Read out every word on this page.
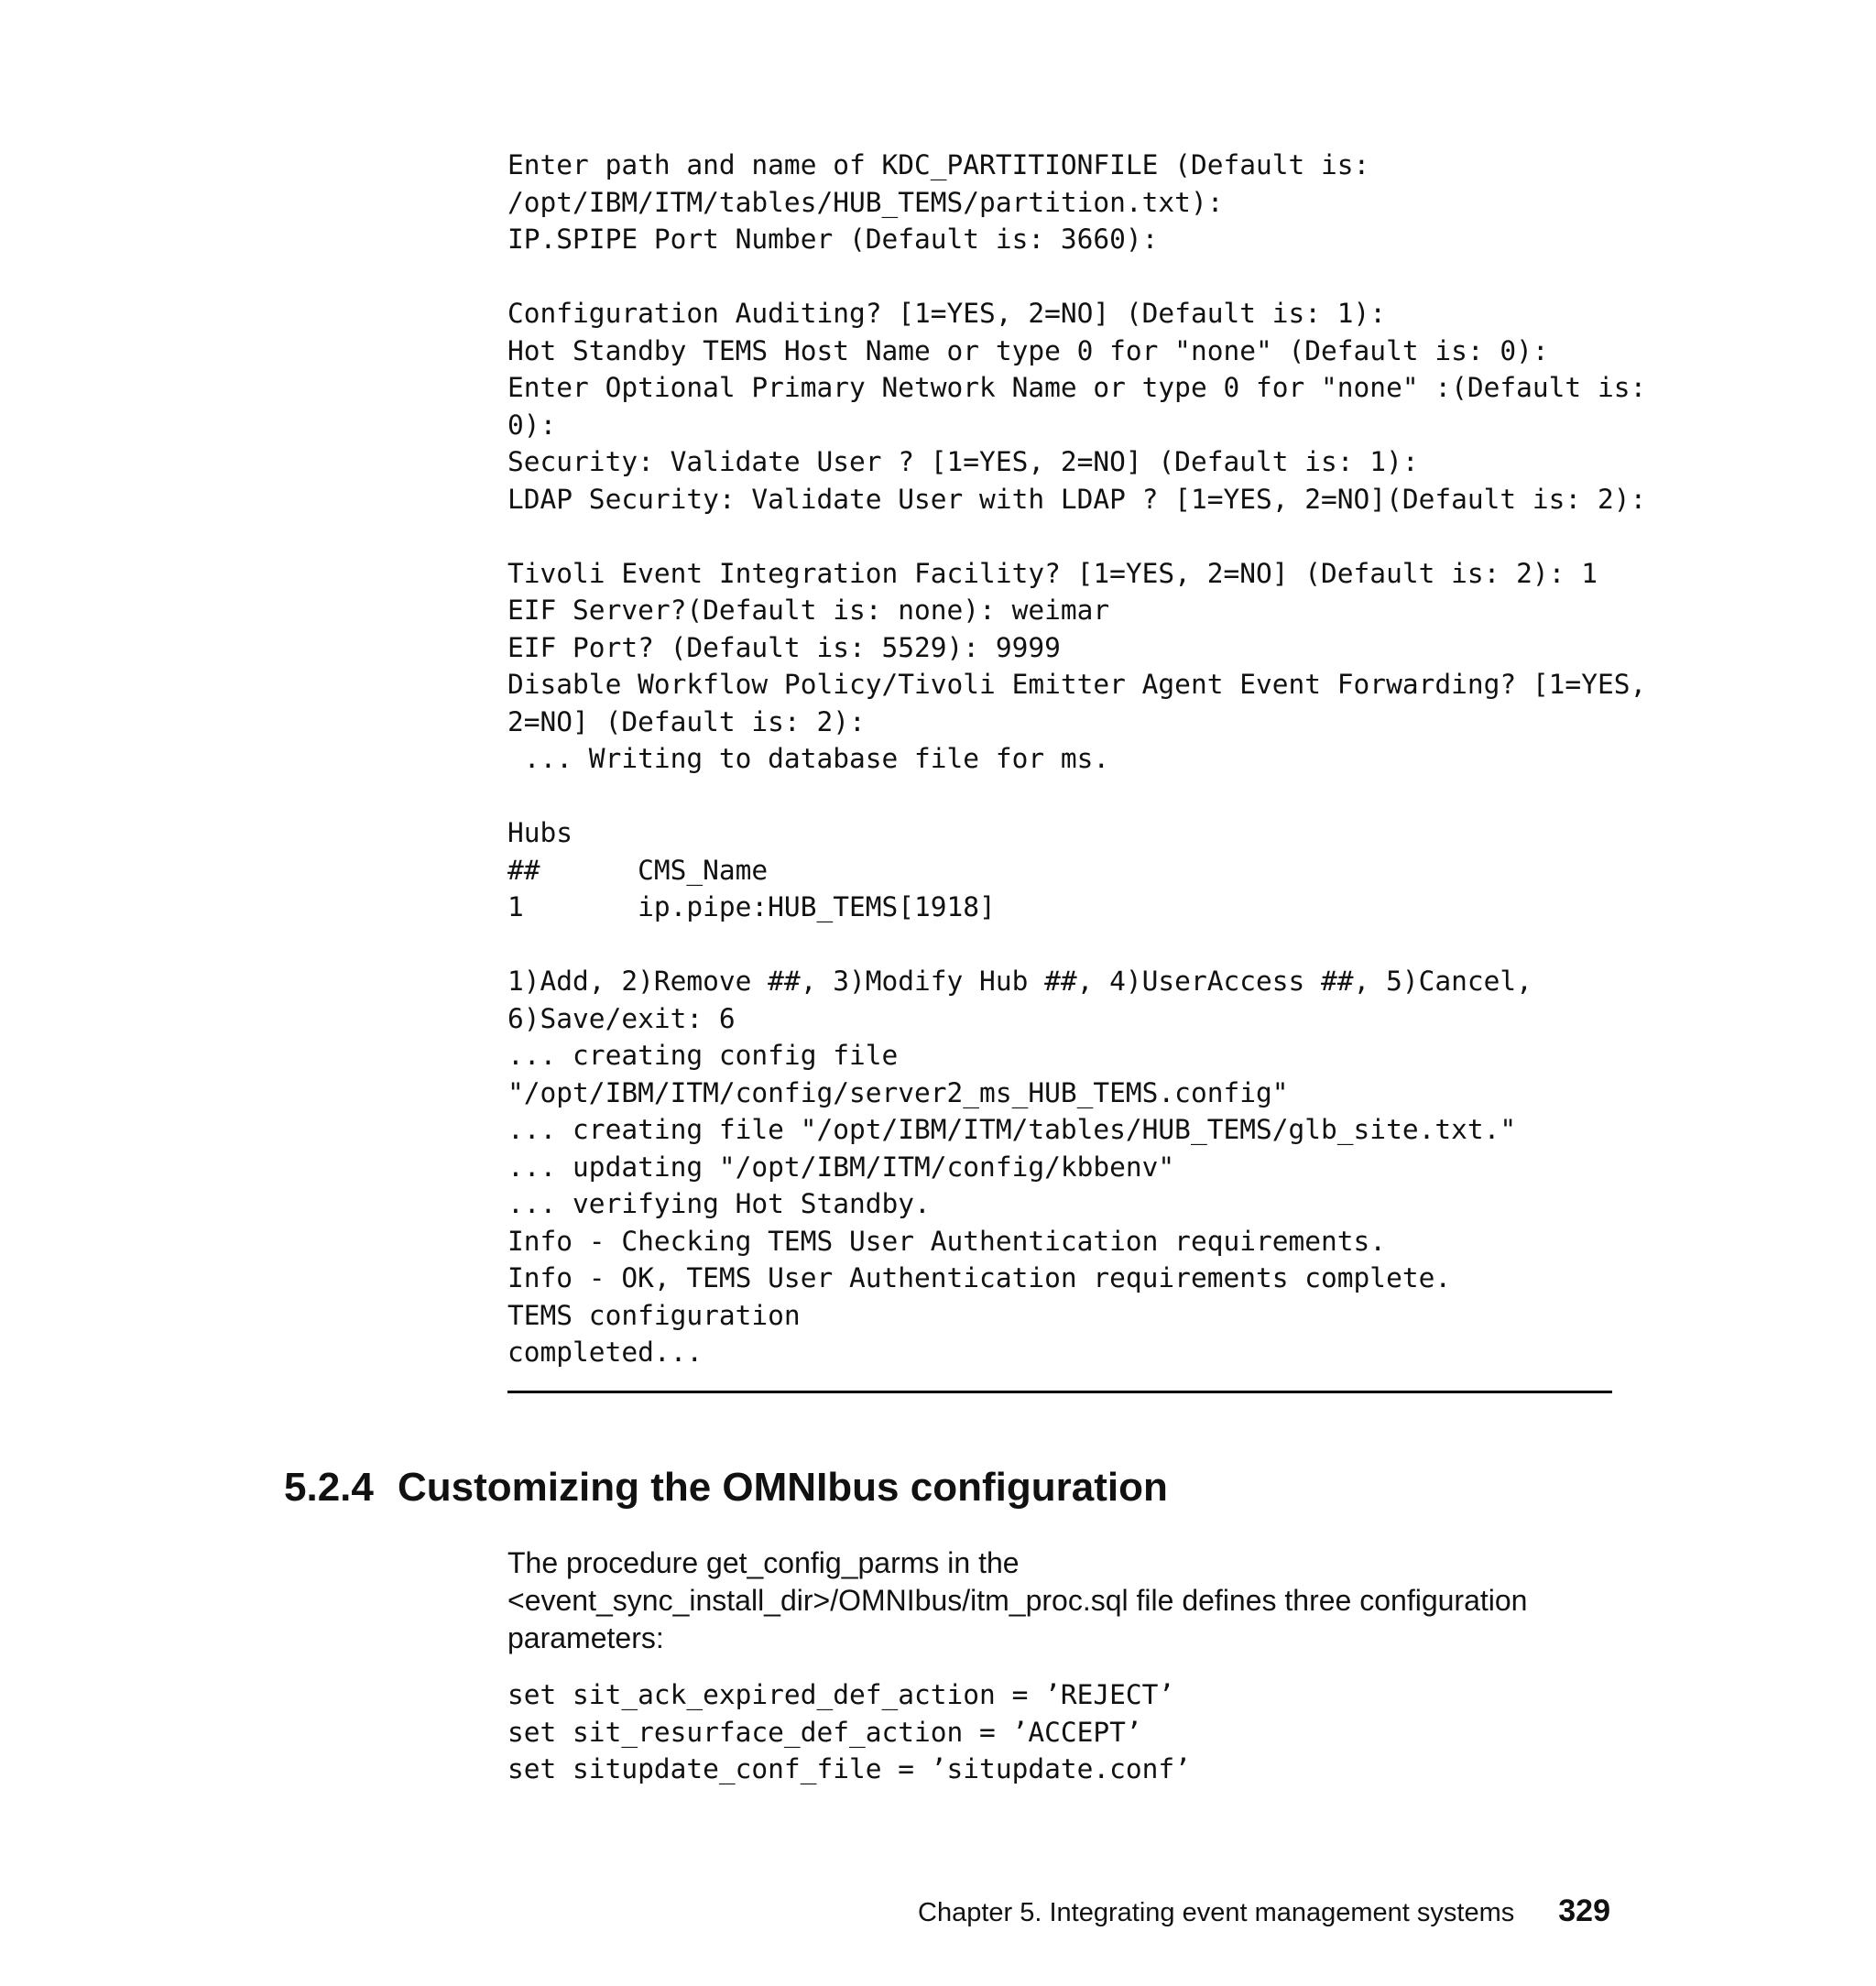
Enter path and name of KDC_PARTITIONFILE (Default is:
/opt/IBM/ITM/tables/HUB_TEMS/partition.txt):
IP.SPIPE Port Number (Default is: 3660):

Configuration Auditing? [1=YES, 2=NO] (Default is: 1):
Hot Standby TEMS Host Name or type 0 for "none" (Default is: 0):
Enter Optional Primary Network Name or type 0 for "none" :(Default is:
0):
Security: Validate User ? [1=YES, 2=NO] (Default is: 1):
LDAP Security: Validate User with LDAP ? [1=YES, 2=NO](Default is: 2):

Tivoli Event Integration Facility? [1=YES, 2=NO] (Default is: 2): 1
EIF Server?(Default is: none): weimar
EIF Port? (Default is: 5529): 9999
Disable Workflow Policy/Tivoli Emitter Agent Event Forwarding? [1=YES,
2=NO] (Default is: 2):
... Writing to database file for ms.

Hubs
##      CMS_Name
1       ip.pipe:HUB_TEMS[1918]

1)Add, 2)Remove ##, 3)Modify Hub ##, 4)UserAccess ##, 5)Cancel,
6)Save/exit: 6
... creating config file
"/opt/IBM/ITM/config/server2_ms_HUB_TEMS.config"
... creating file "/opt/IBM/ITM/tables/HUB_TEMS/glb_site.txt."
... updating "/opt/IBM/ITM/config/kbbenv"
... verifying Hot Standby.
Info - Checking TEMS User Authentication requirements.
Info - OK, TEMS User Authentication requirements complete.
TEMS configuration
completed...
5.2.4 Customizing the OMNIbus configuration

The procedure get_config_parms in the
<event_sync_install_dir>/OMNIbus/itm_proc.sql file defines three configuration
parameters:

set sit_ack_expired_def_action = ’REJECT’
set sit_resurface_def_action = ’ACCEPT’
set situpdate_conf_file = ’situpdate.conf’
Chapter 5. Integrating event management systems 329
